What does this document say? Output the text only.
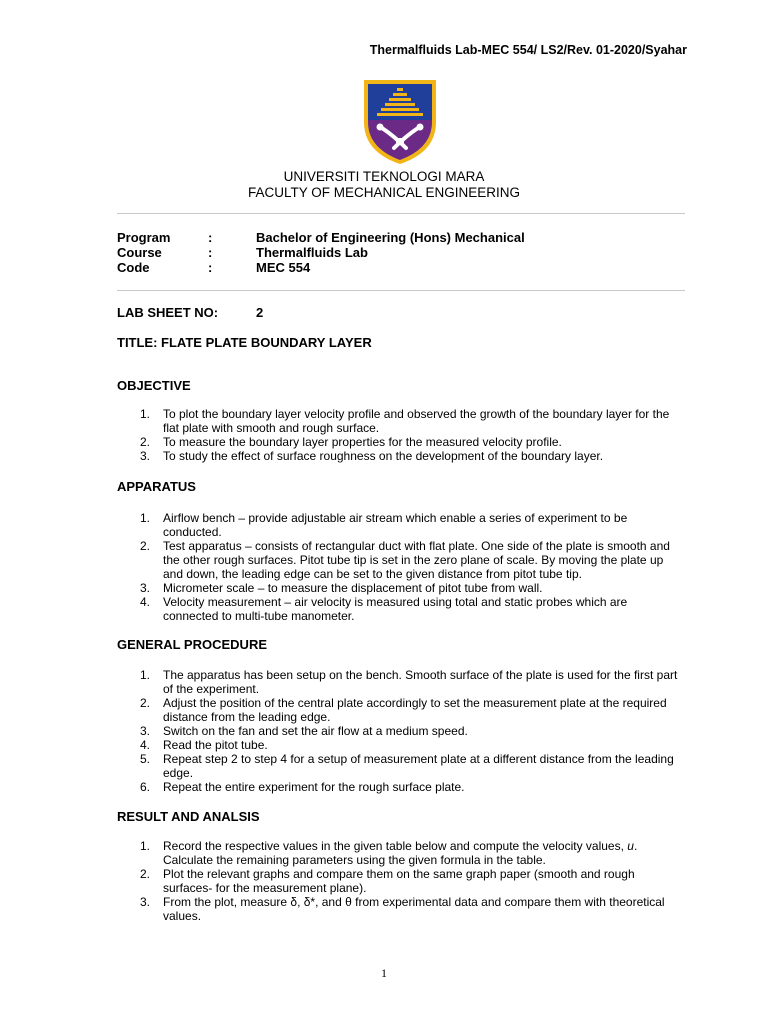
Thermalfluids Lab-MEC 554/ LS2/Rev. 01-2020/Syahar
UNIVERSITI TEKNOLOGI MARA
FACULTY OF MECHANICAL ENGINEERING
Program	:	Bachelor of Engineering (Hons) Mechanical
Course	:	Thermalfluids Lab
Code	:	MEC 554
LAB SHEET NO:	2
TITLE: FLATE PLATE BOUNDARY LAYER
OBJECTIVE
1.	To plot the boundary layer velocity profile and observed the growth of the boundary layer for the flat plate with smooth and rough surface.
2.	To measure the boundary layer properties for the measured velocity profile.
3.	To study the effect of surface roughness on the development of the boundary layer.
APPARATUS
1.	Airflow bench – provide adjustable air stream which enable a series of experiment to be conducted.
2.	Test apparatus – consists of rectangular duct with flat plate. One side of the plate is smooth and the other rough surfaces. Pitot tube tip is set in the zero plane of scale. By moving the plate up and down, the leading edge can be set to the given distance from pitot tube tip.
3.	Micrometer scale – to measure the displacement of pitot tube from wall.
4.	Velocity measurement – air velocity is measured using total and static probes which are connected to multi-tube manometer.
GENERAL PROCEDURE
1.	The apparatus has been setup on the bench. Smooth surface of the plate is used for the first part of the experiment.
2.	Adjust the position of the central plate accordingly to set the measurement plate at the required distance from the leading edge.
3.	Switch on the fan and set the air flow at a medium speed.
4.	Read the pitot tube.
5.	Repeat step 2 to step 4 for a setup of measurement plate at a different distance from the leading edge.
6.	Repeat the entire experiment for the rough surface plate.
RESULT AND ANALSIS
1.	Record the respective values in the given table below and compute the velocity values, u. Calculate the remaining parameters using the given formula in the table.
2.	Plot the relevant graphs and compare them on the same graph paper (smooth and rough surfaces- for the measurement plane).
3.	From the plot, measure δ, δ*, and θ from experimental data and compare them with theoretical values.
1
